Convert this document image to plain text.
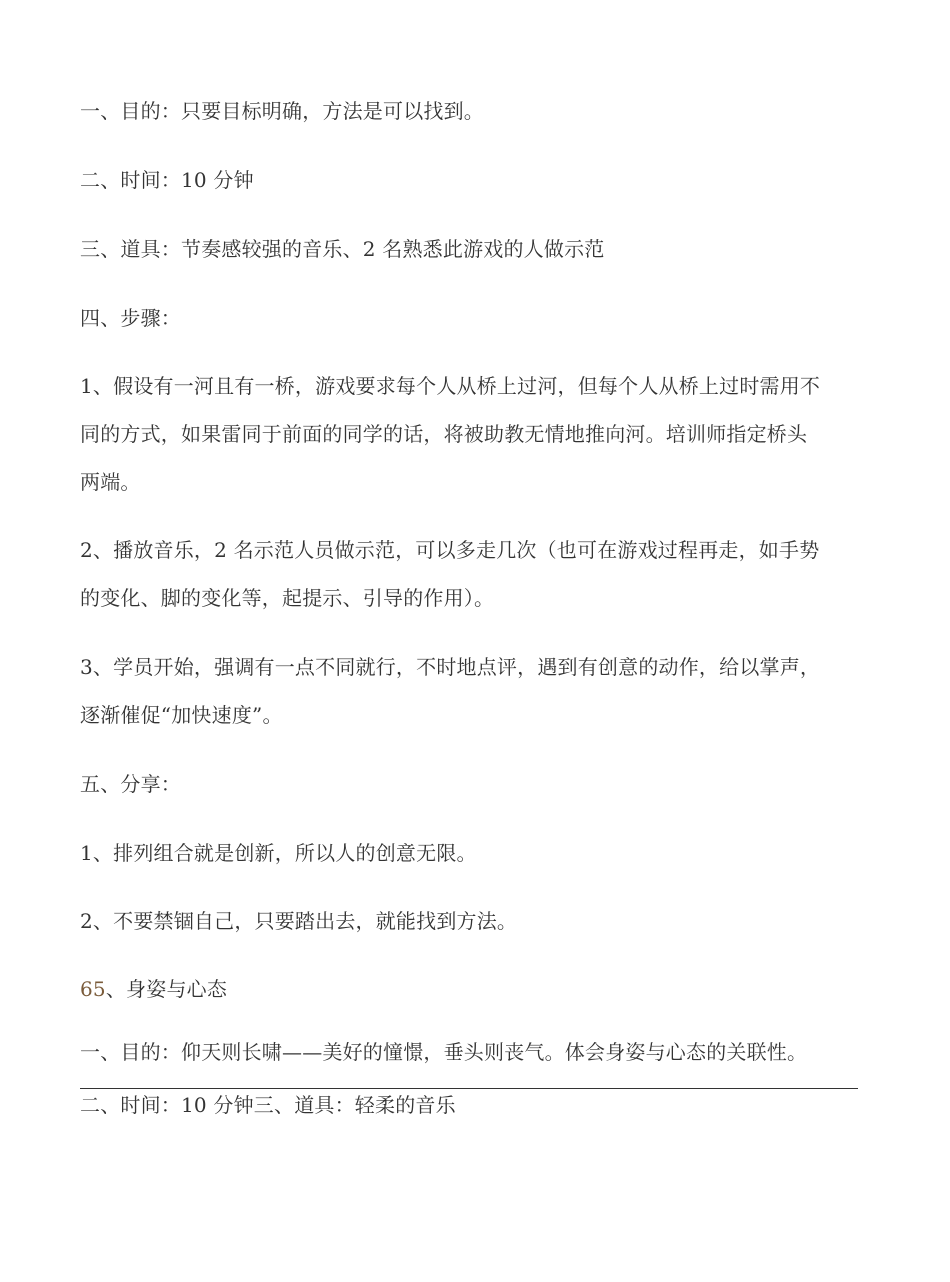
一、目的：只要目标明确，方法是可以找到。
二、时间：10 分钟
三、道具：节奏感较强的音乐、2 名熟悉此游戏的人做示范
四、步骤：
1、假设有一河且有一桥，游戏要求每个人从桥上过河，但每个人从桥上过时需用不
同的方式，如果雷同于前面的同学的话，将被助教无情地推向河。培训师指定桥头
两端。
2、播放音乐，2 名示范人员做示范，可以多走几次（也可在游戏过程再走，如手势
的变化、脚的变化等，起提示、引导的作用）。
3、学员开始，强调有一点不同就行，不时地点评，遇到有创意的动作，给以掌声，
逐渐催促“加快速度”。
五、分享：
1、排列组合就是创新，所以人的创意无限。
2、不要禁锢自己，只要踏出去，就能找到方法。
65、身姿与心态
一、目的：仰天则长啸——美好的憧憬，垂头则丧气。体会身姿与心态的关联性。
二、时间：10 分钟三、道具：轻柔的音乐
